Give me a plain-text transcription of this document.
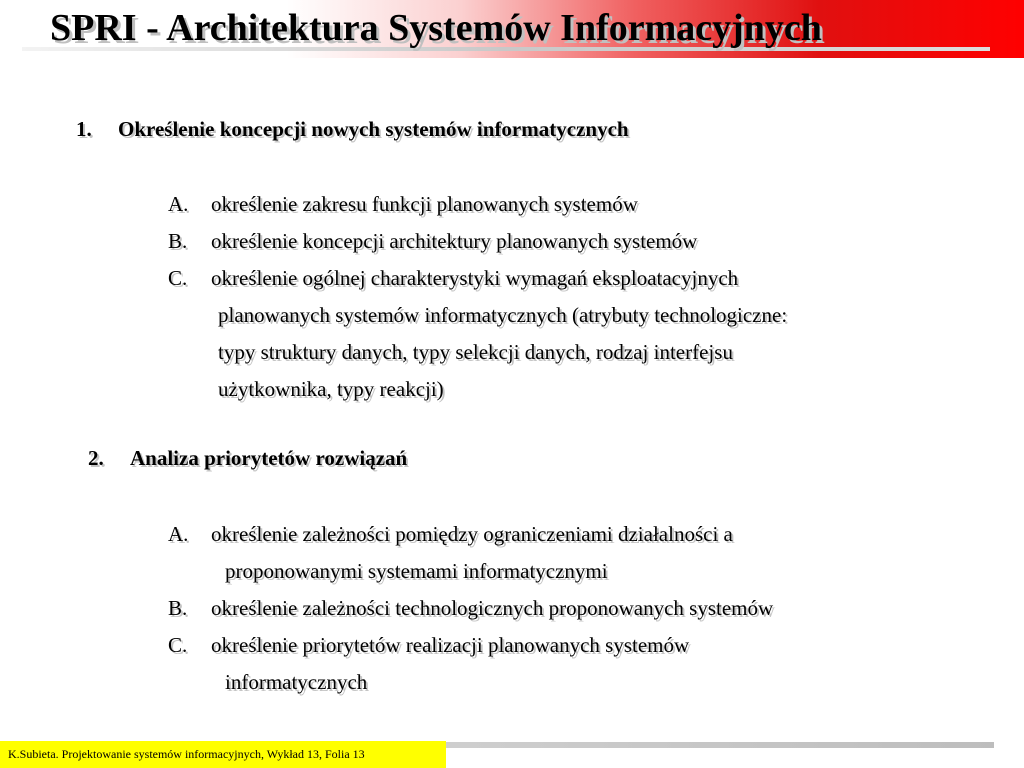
SPRI - Architektura Systemów Informacyjnych
1. Określenie koncepcji nowych systemów informatycznych
A. określenie zakresu funkcji planowanych systemów
B. określenie koncepcji architektury planowanych systemów
C. określenie ogólnej charakterystyki wymagań eksploatacyjnych
planowanych systemów informatycznych (atrybuty technologiczne:
typy struktury danych, typy selekcji danych, rodzaj interfejsu
użytkownika, typy reakcji)
2. Analiza priorytetów rozwiązań
A. określenie zależności pomiędzy ograniczeniami działalności a
proponowanymi systemami informatycznymi
B. określenie zależności technologicznych proponowanych systemów
C. określenie priorytetów realizacji planowanych systemów
informatycznych
K.Subieta. Projektowanie systemów informacyjnych, Wykład 13, Folia 13
